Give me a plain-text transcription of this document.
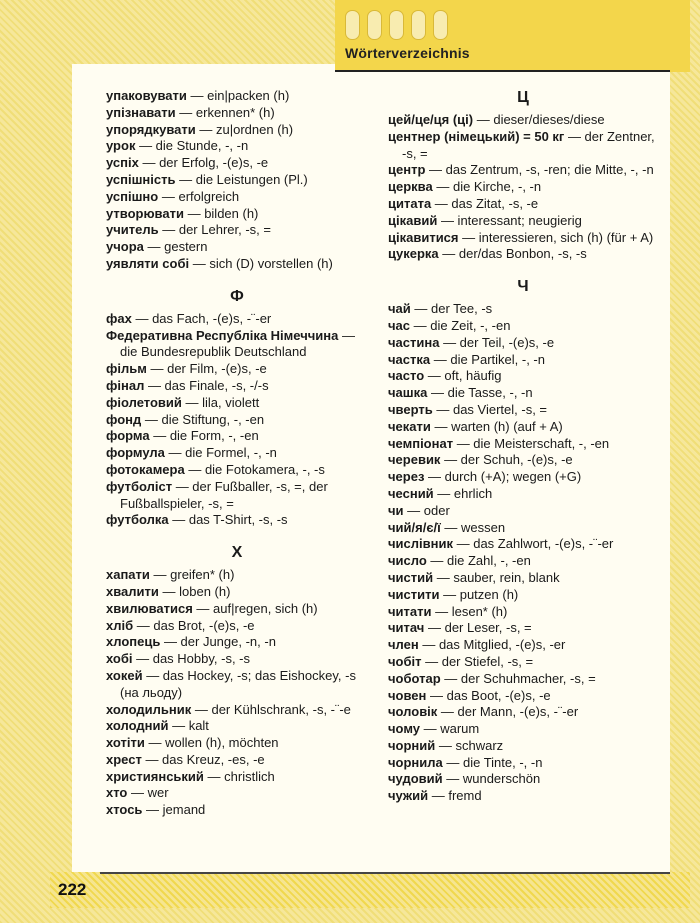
Wörterverzeichnis

упаковувати — ein|packen (h)

упізнавати — erkennen* (h)

упорядкувати — zu|ordnen (h)

урок — die Stunde, -, -n

успіх — der Erfolg, -(e)s, -e

успішність — die Leistungen (Pl.)

успішно — erfolgreich

утворювати — bilden (h)

учитель — der Lehrer, -s, =

учора — gestern

уявляти собі — sich (D) vorstellen (h)

Ф

фах — das Fach, -(e)s, -¨-er

Федеративна Республіка Німеччина — die Bundesrepublik Deutschland

фільм — der Film, -(e)s, -e

фінал — das Finale, -s, -/-s

фіолетовий — lila, violett

фонд — die Stiftung, -, -en

форма — die Form, -, -en

формула — die Formel, -, -n

фотокамера — die Fotokamera, -, -s

футболіст — der Fußballer, -s, =, der Fußballspieler, -s, =

футболка — das T-Shirt, -s, -s

Х

хапати — greifen* (h)

хвалити — loben (h)

хвилюватися — auf|regen, sich (h)

хліб — das Brot, -(e)s, -e

хлопець — der Junge, -n, -n

хобі — das Hobby, -s, -s

хокей — das Hockey, -s; das Eishockey, -s (на льоду)

холодильник — der Kühlschrank, -s, -¨-e

холодний — kalt

хотіти — wollen (h), möchten

хрест — das Kreuz, -es, -e

християнський — christlich

хто — wer

хтось — jemand

Ц

цей/це/ця (ці) — dieser/dieses/diese

центнер (німецький) = 50 кг — der Zentner, -s, =

центр — das Zentrum, -s, -ren; die Mitte, -, -n

церква — die Kirche, -, -n

цитата — das Zitat, -s, -e

цікавий — interessant; neugierig

цікавитися — interessieren, sich (h) (für + A)

цукерка — der/das Bonbon, -s, -s

Ч

чай — der Tee, -s

час — die Zeit, -, -en

частина — der Teil, -(e)s, -e

частка — die Partikel, -, -n

часто — oft, häufig

чашка — die Tasse, -, -n

чверть — das Viertel, -s, =

чекати — warten (h) (auf + A)

чемпіонат — die Meisterschaft, -, -en

черевик — der Schuh, -(e)s, -e

через — durch (+A); wegen (+G)

чесний — ehrlich

чи — oder

чий/я/є/ї — wessen

числівник — das Zahlwort, -(e)s, -¨-er

число — die Zahl, -, -en

чистий — sauber, rein, blank

чистити — putzen (h)

читати — lesen* (h)

читач — der Leser, -s, =

член — das Mitglied, -(e)s, -er

чобіт — der Stiefel, -s, =

чоботар — der Schuhmacher, -s, =

човен — das Boot, -(e)s, -e

чоловік — der Mann, -(e)s, -¨-er

чому — warum

чорний — schwarz

чорнила — die Tinte, -, -n

чудовий — wunderschön

чужий — fremd

222
